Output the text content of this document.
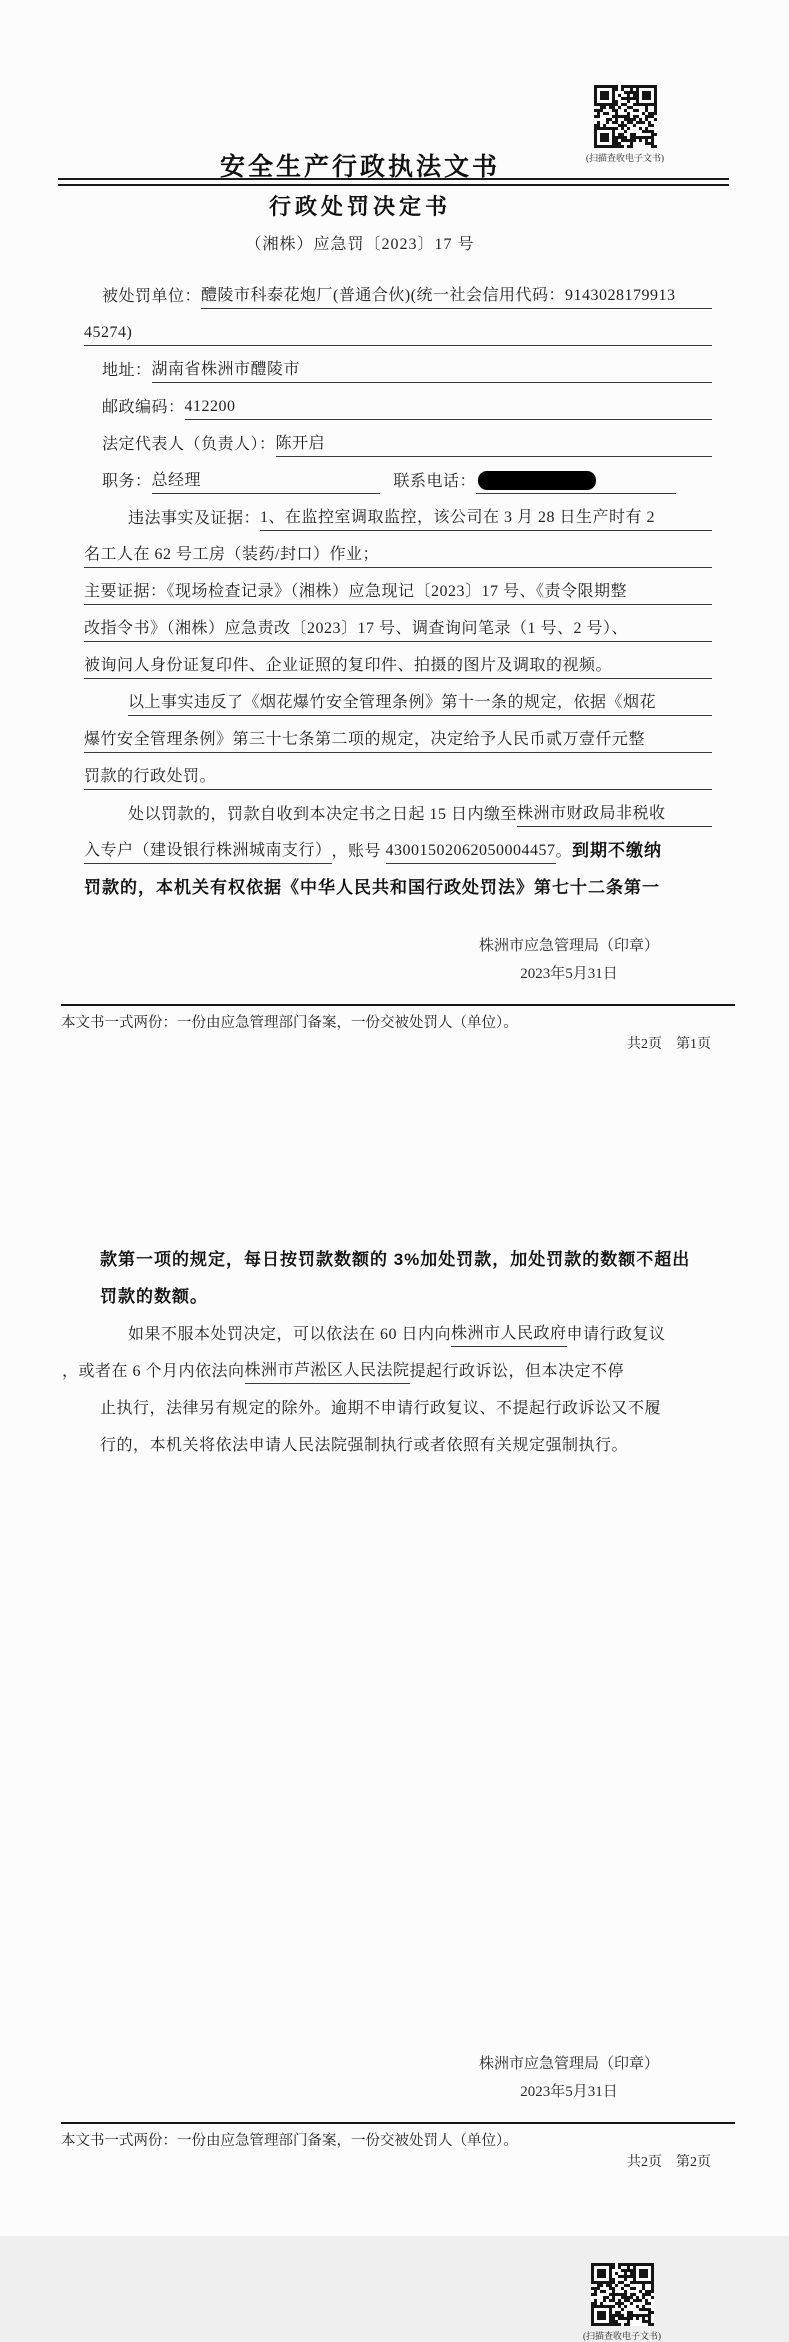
(扫描查收电子文书)
安全生产行政执法文书
行政处罚决定书
（湘株）应急罚〔2023〕17 号
被处罚单位： 醴陵市科泰花炮厂(普通合伙)(统一社会信用代码：9143028179913
45274)
地址： 湖南省株洲市醴陵市
邮政编码： 412200
法定代表人（负责人）： 陈开启
职务： 总经理	联系电话：
违法事实及证据： 1、在监控室调取监控，该公司在 3 月 28 日生产时有 2
名工人在 62 号工房（装药/封口）作业；
主要证据：《现场检查记录》（湘株）应急现记〔2023〕17 号、《责令限期整
改指令书》（湘株）应急责改〔2023〕17 号、调查询问笔录（1 号、2 号）、
被询问人身份证复印件、企业证照的复印件、拍摄的图片及调取的视频。
以上事实违反了《烟花爆竹安全管理条例》第十一条的规定，依据《烟花
爆竹安全管理条例》第三十七条第二项的规定，决定给予人民币贰万壹仟元整
罚款的行政处罚。
处以罚款的，罚款自收到本决定书之日起 15 日内缴至 株洲市财政局非税收
入专户（建设银行株洲城南支行） ，账号 43001502062050004457 。 到期不缴纳
罚款的，本机关有权依据《中华人民共和国行政处罚法》第七十二条第一
株洲市应急管理局（印章）
2023年5月31日
本文书一式两份：一份由应急管理部门备案，一份交被处罚人（单位）。
共2页　第1页
(扫描查收电子文书)
款第一项的规定，每日按罚款数额的 3%加处罚款，加处罚款的数额不超出
罚款的数额。
如果不服本处罚决定，可以依法在 60 日内向 株洲市人民政府 申请行政复议
，或者在 6 个月内依法向 株洲市芦淞区人民法院 提起行政诉讼，但本决定不停
止执行，法律另有规定的除外。逾期不申请行政复议、不提起行政诉讼又不履
行的，本机关将依法申请人民法院强制执行或者依照有关规定强制执行。
株洲市应急管理局（印章）
2023年5月31日
本文书一式两份：一份由应急管理部门备案，一份交被处罚人（单位）。
共2页　第2页
